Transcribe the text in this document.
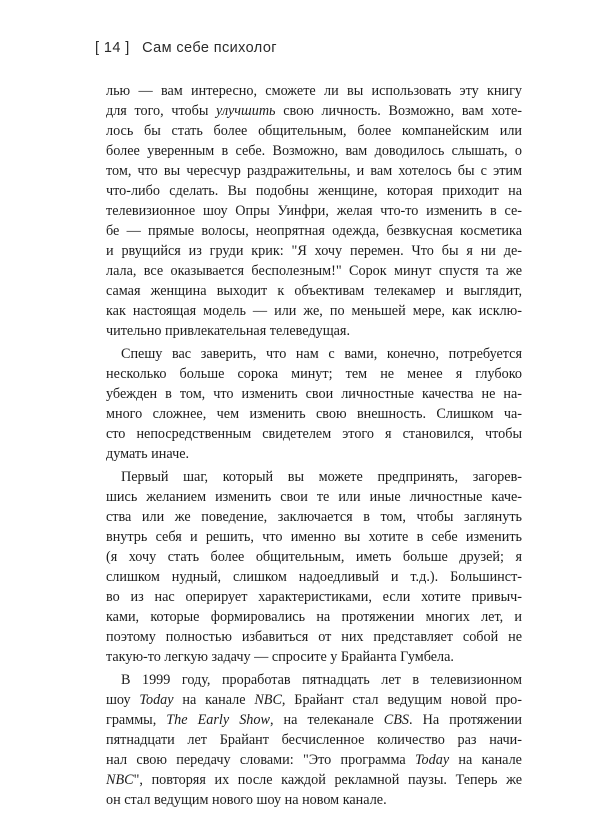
[ 14 ] Сам себе психолог
лью — вам интересно, сможете ли вы использовать эту книгу
для того, чтобы улучшить свою личность. Возможно, вам хоте-
лось бы стать более общительным, более компанейским или
более уверенным в себе. Возможно, вам доводилось слышать, о
том, что вы чересчур раздражительны, и вам хотелось бы с этим
что-либо сделать. Вы подобны женщине, которая приходит на
телевизионное шоу Опры Уинфри, желая что-то изменить в се-
бе — прямые волосы, неопрятная одежда, безвкусная косметика
и рвущийся из груди крик: "Я хочу перемен. Что бы я ни де-
лала, все оказывается бесполезным!" Сорок минут спустя та же
самая женщина выходит к объективам телекамер и выглядит,
как настоящая модель — или же, по меньшей мере, как исклю-
чительно привлекательная телеведущая.
Спешу вас заверить, что нам с вами, конечно, потребуется
несколько больше сорока минут; тем не менее я глубоко
убежден в том, что изменить свои личностные качества не на-
много сложнее, чем изменить свою внешность. Слишком ча-
сто непосредственным свидетелем этого я становился, чтобы
думать иначе.
Первый шаг, который вы можете предпринять, загорев-
шись желанием изменить свои те или иные личностные каче-
ства или же поведение, заключается в том, чтобы заглянуть
внутрь себя и решить, что именно вы хотите в себе изменить
(я хочу стать более общительным, иметь больше друзей; я
слишком нудный, слишком надоедливый и т.д.). Большинст-
во из нас оперирует характеристиками, если хотите привыч-
ками, которые формировались на протяжении многих лет, и
поэтому полностью избавиться от них представляет собой не
такую-то легкую задачу — спросите у Брайанта Гумбела.
В 1999 году, проработав пятнадцать лет в телевизионном
шоу Today на канале NBC, Брайант стал ведущим новой про-
граммы, The Early Show, на телеканале CBS. На протяжении
пятнадцати лет Брайант бесчисленное количество раз начи-
нал свою передачу словами: "Это программа Today на канале
NBC", повторяя их после каждой рекламной паузы. Теперь же
он стал ведущим нового шоу на новом канале.
